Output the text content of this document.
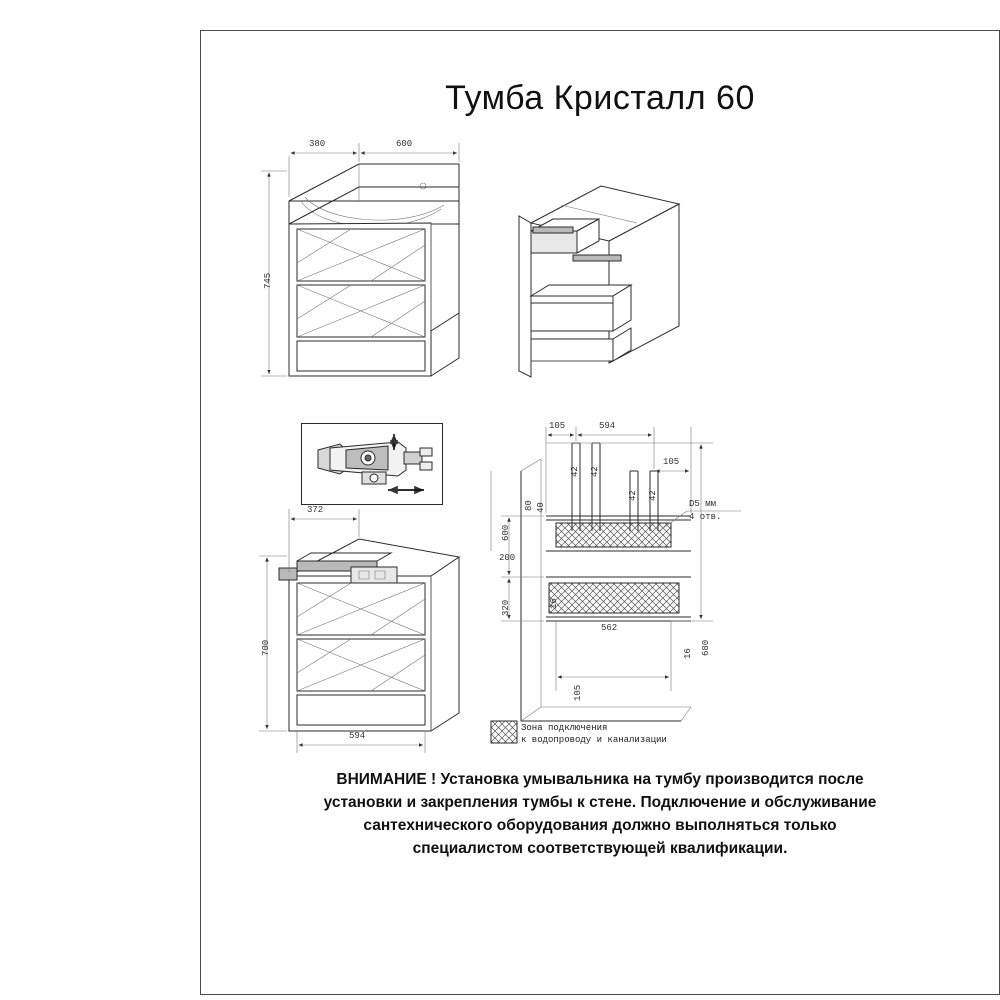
Тумба Кристалл 60
380	600
745
372
700
594
105	594
105
42 42
42 42
80 40
600
200
320	16
16
562
680
105
D5 мм
4 отв.
Зона подключения
к водопроводу и канализации
ВНИМАНИЕ ! Установка умывальника на тумбу производится после
установки и закрепления тумбы к стене. Подключение и обслуживание
сантехнического оборудования должно выполняться только
специалистом соответствующей квалификации.
